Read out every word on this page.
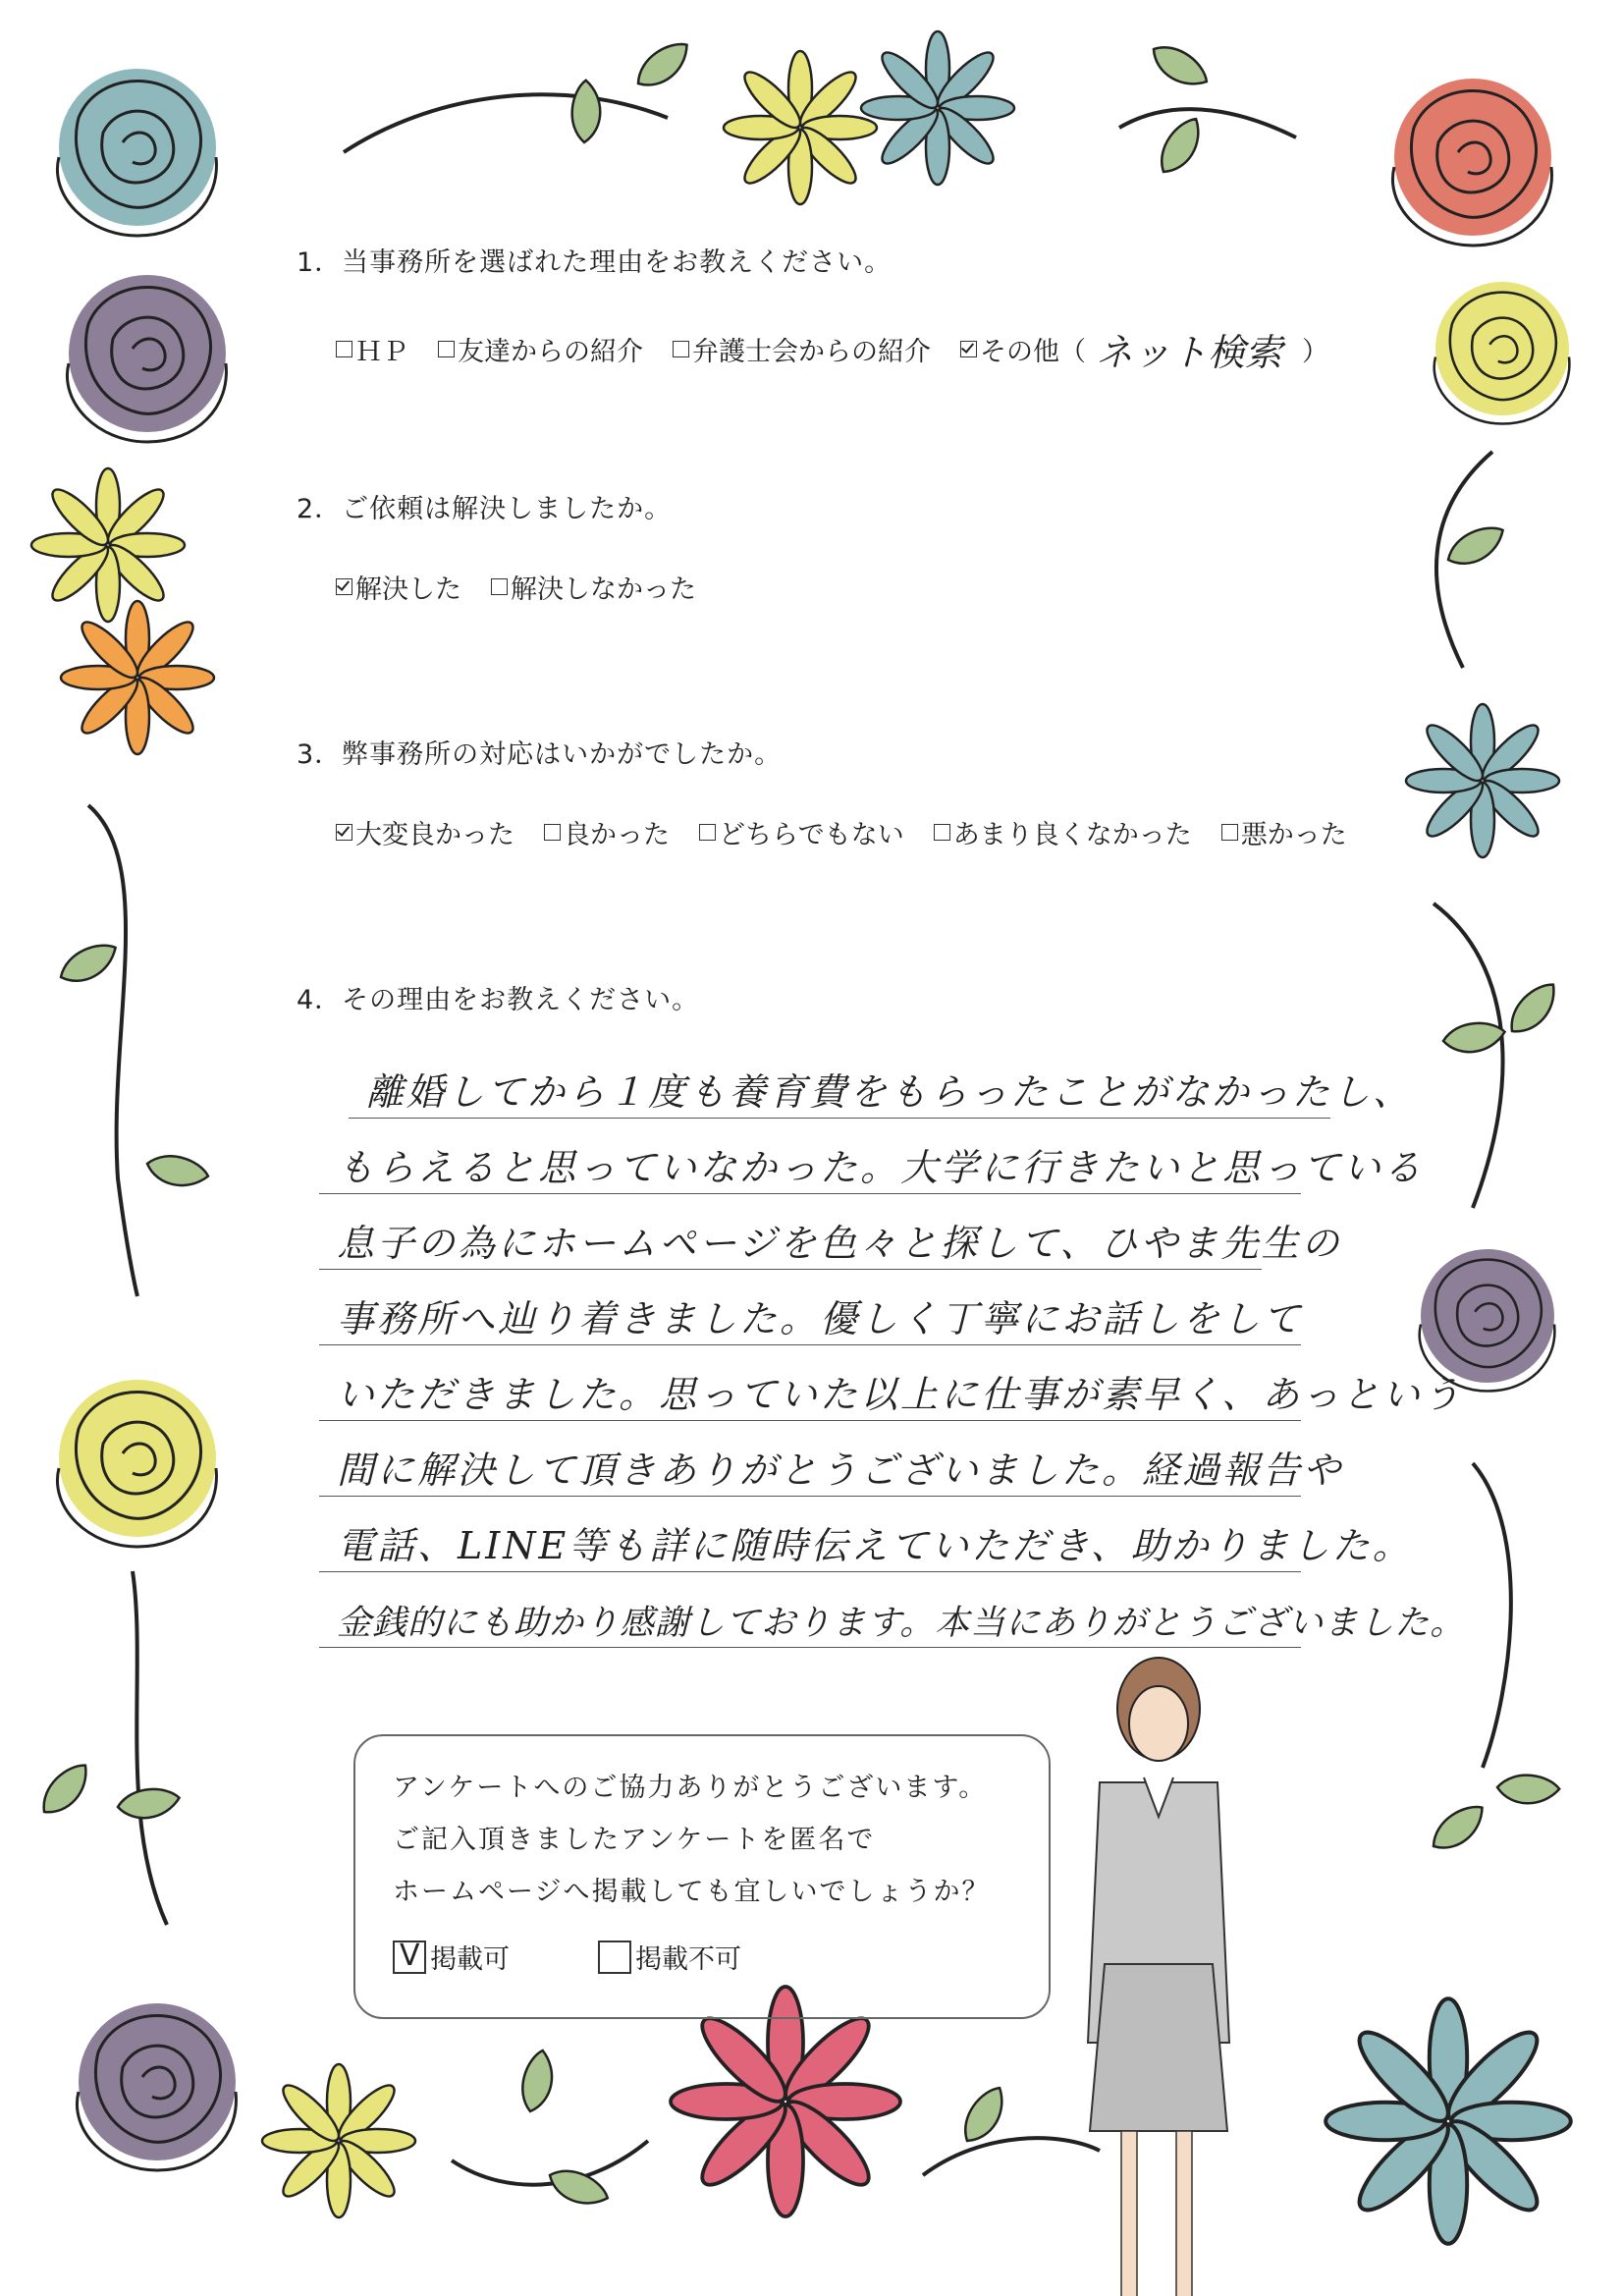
1．当事務所を選ばれた理由をお教えください。
ＨＰ 友達からの紹介 弁護士会からの紹介 その他（ ネット検索 ）
2．ご依頼は解決しましたか。
解決した 解決しなかった
3．弊事務所の対応はいかがでしたか。
大変良かった 良かった どちらでもない あまり良くなかった 悪かった
4．その理由をお教えください。
離婚してから１度も養育費をもらったことがなかったし、
もらえると思っていなかった。大学に行きたいと思っている
息子の為にホームページを色々と探して、ひやま先生の
事務所へ辿り着きました。優しく丁寧にお話しをして
いただきました。思っていた以上に仕事が素早く、あっという
間に解決して頂きありがとうございました。経過報告や
電話、LINE等も詳に随時伝えていただき、助かりました。
金銭的にも助かり感謝しております。本当にありがとうございました。

アンケートへのご協力ありがとうございます。

ご記入頂きましたアンケートを匿名で

ホームページへ掲載しても宜しいでしょうか？

V
掲載可	掲載不可
